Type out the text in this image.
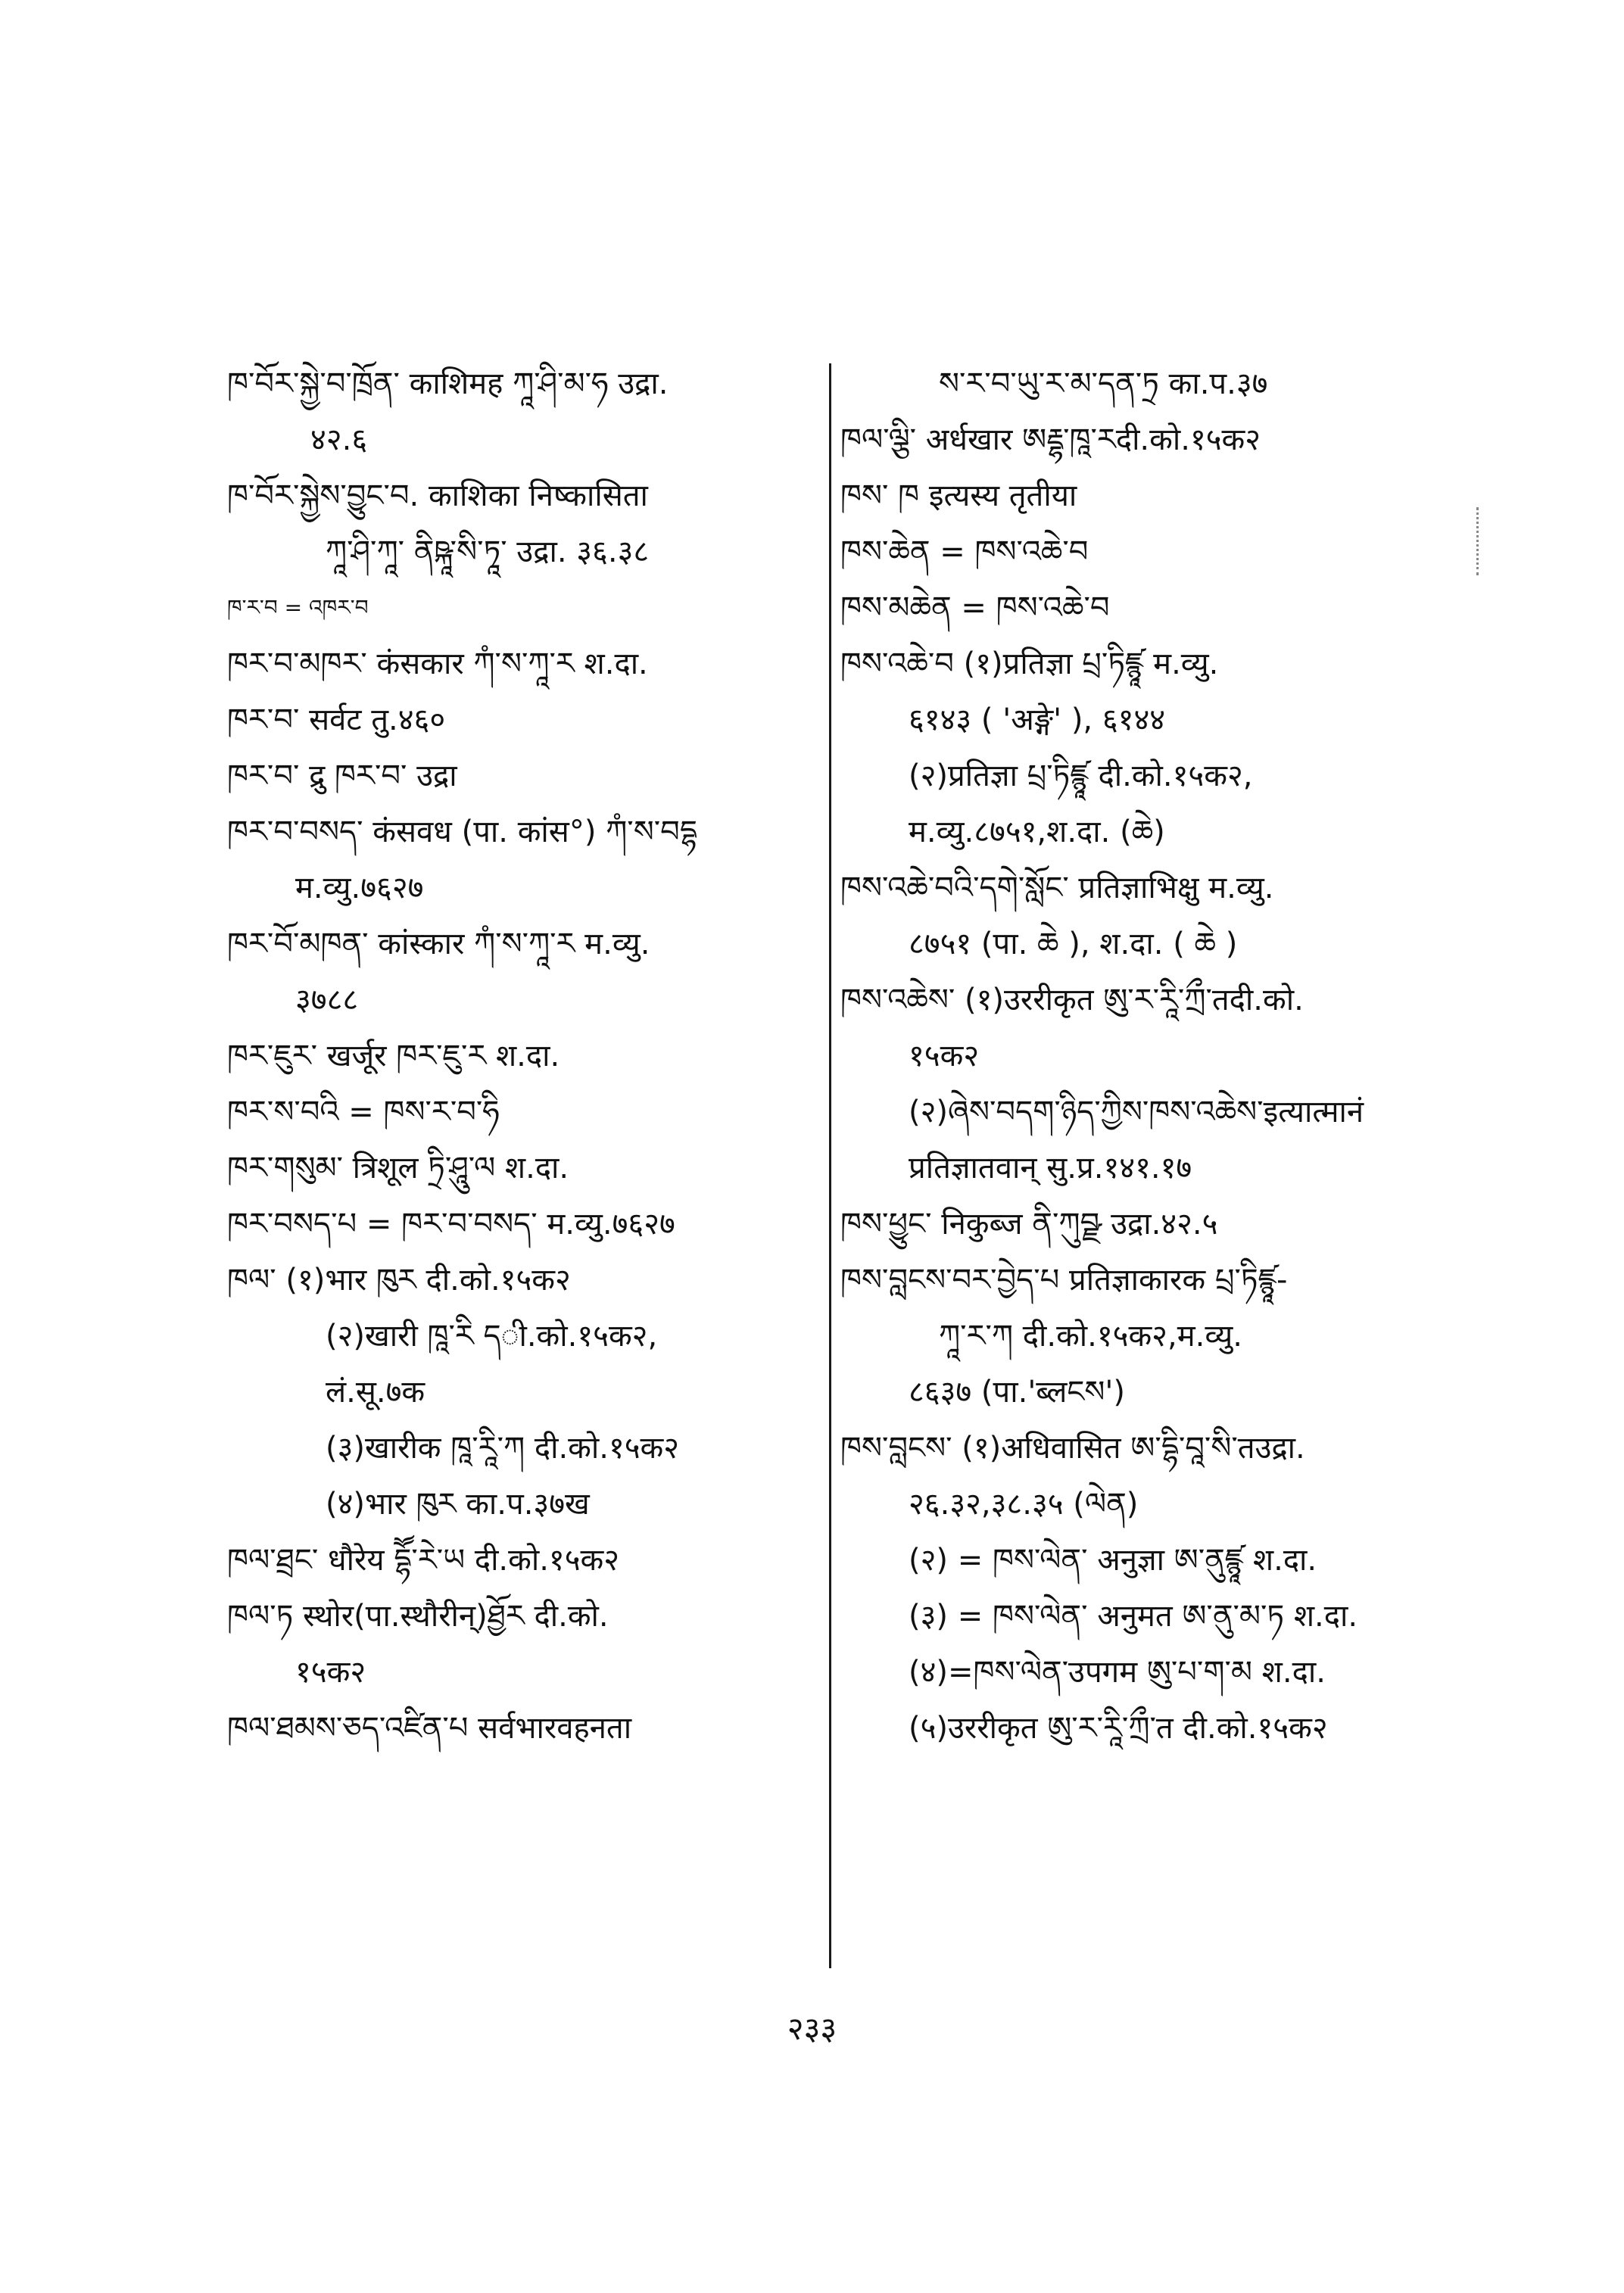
ཁ་བོར་སྐྱེ་བ་ཁྲོན་ काशिमह ཀཱ་ཤི་མ་ཧ उद्रा.
४२.६
ཁ་བོར་སྐྱེས་བྱུང་བ. काशिका निष्कासिता
ཀཱ་ཤི་ཀཱ་ ནིཥྐཱ་སི་ཏཱ་ उद्रा. ३६.३८
ཁ་ར་བ = འཁར་བ
ཁར་བ་མཁར་ कंसकार ཀཾ་ས་ཀཱ་ར श.दा.
ཁར་བ་ सर्वट तु.४६०
ཁར་བ་ द्रु ཁར་བ་ उद्रा
ཁར་བ་བསད་ कंसवध (पा. कांस°) ཀཾ་ས་བདྷ
म.व्यु.७६२७
ཁར་བོ་མཁན་ कांस्कार ཀཾ་ས་ཀཱ་ར म.व्यु.
३७८८
ཁར་ཇུར་ खर्जूर ཁར་ཇུ་ར श.दा.
ཁར་ས་བའི = ཁས་ར་བ་ཧི
ཁར་གསུམ་ त्रिशूल ཏྲི་ཤཱུ་ལ श.दा.
ཁར་བསད་པ = ཁར་བ་བསད་ म.व्यु.७६२७
ཁལ་ (१)भार ཁུར दी.को.१५क२
(२)खारी ཁཱ་རི དी.को.१५क२,
लं.सू.७क
(३)खारीक ཁཱ་རཱི་ཀ दी.को.१५क२
(४)भार ཁུར का.प.३७ख
ཁལ་ཐྲང་ धौरेय དྷཽ་རེ་ཡ दी.को.१५क२
ཁལ་ཏ स्थोर(पा.स्थौरीन्)ཐྱོར दी.को.
१५क२
ཁལ་ཐམས་ཅད་འཛིན་པ सर्वभारवहनता
ས་ར་བ་ཡུ་ར་མ་དན་ཏྲ का.प.३७
ཁལ་ལྕི་ अर्धखार ཨརྡྷ་ཁཱ་རदी.को.१५क२
ཁས་ ཁ इत्यस्य तृतीया
ཁས་ཆེན = ཁས་འཆེ་བ
ཁས་མཆེན = ཁས་འཆེ་བ
ཁས་འཆེ་བ (१)प्रतिज्ञा པྲ་ཏིཛྙཱ म.व्यु.
६१४३ ( 'अङ्गे' ), ६१४४
(२)प्रतिज्ञा པྲ་ཏིཛྙཱ दी.को.१५क२,
म.व्यु.८७५१,श.दा. (ཆེ)
ཁས་འཆེ་བའི་དགེ་སློང་ प्रतिज्ञाभिक्षु म.व्यु.
८७५१ (पा. ཆེ ), श.दा. ( ཆེ )
ཁས་འཆེས་ (१)उररीकृत ཨུ་ར་རཱི་ཀྲྀ་तदी.को.
१५क२
(२)ཞེས་བདག་ཉིད་ཀྱིས་ཁས་འཆེས་इत्यात्मानं
प्रतिज्ञातवान् सु.प्र.१४१.१७
ཁས་ཕྱུང་ निकुब्ज ནི་ཀུབྫ उद्रा.४२.५
ཁས་བླངས་བར་བྱེད་པ प्रतिज्ञाकारक པྲ་ཏིཛྙཱ-
ཀཱ་ར་ཀ दी.को.१५क२,म.व्यु.
८६३७ (पा.'ब्लངས')
ཁས་བླངས་ (१)अधिवासित ཨ་དྷི་བཱ་སི་तउद्रा.
२६.३२,३८.३५ (ལེན)
(२) = ཁས་ལེན་ अनुज्ञा ཨ་ནུཛྙཱ श.दा.
(३) = ཁས་ལེན་ अनुमत ཨ་ནུ་མ་ཏ श.दा.
(४)=ཁས་ལེན་उपगम ཨུ་པ་ག་མ श.दा.
(५)उररीकृत ཨུ་ར་རཱི་ཀྲྀ་त दी.को.१५क२
२३३
